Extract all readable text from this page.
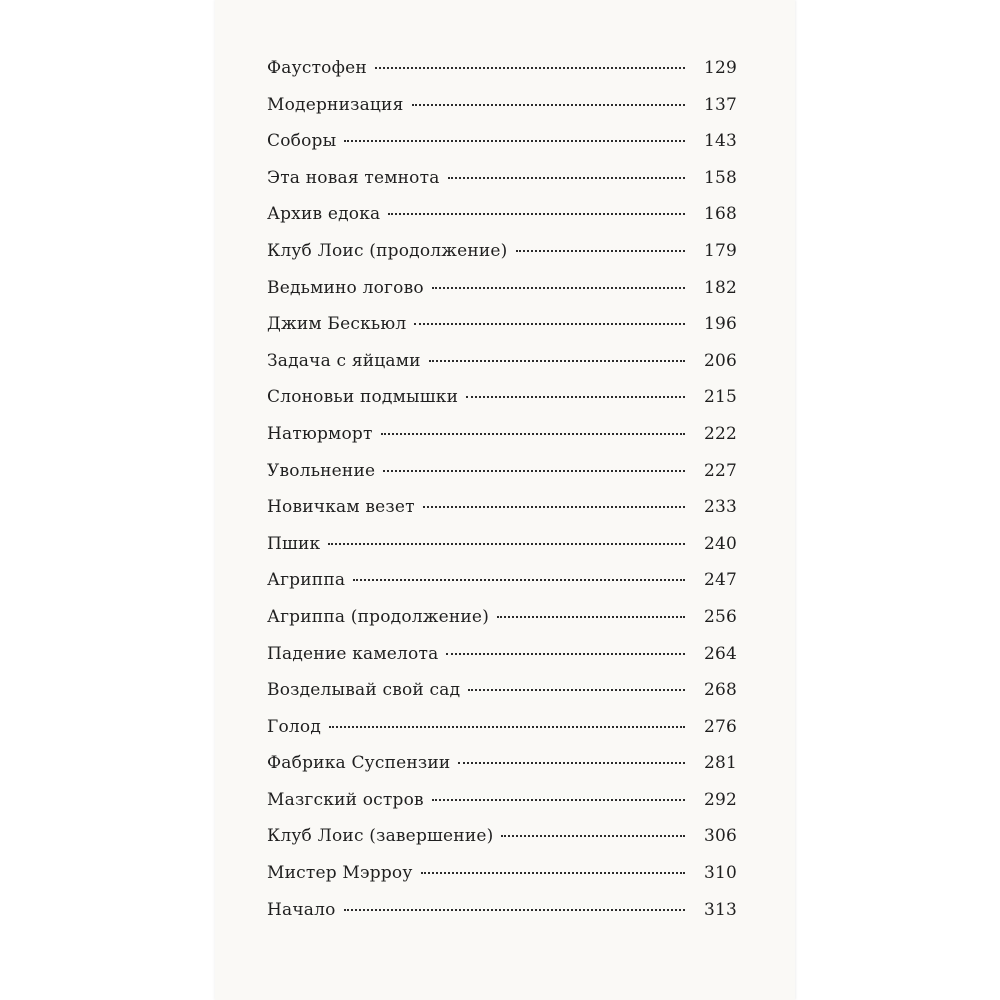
Фаустофен	129
Модернизация	137
Соборы	143
Эта новая темнота	158
Архив едока	168
Клуб Лоис (продолжение)	179
Ведьмино логово	182
Джим Бескьюл	196
Задача с яйцами	206
Слоновьи подмышки	215
Натюрморт	222
Увольнение	227
Новичкам везет	233
Пшик	240
Агриппа	247
Агриппа (продолжение)	256
Падение камелота	264
Возделывай свой сад	268
Голод	276
Фабрика Суспензии	281
Мазгский остров	292
Клуб Лоис (завершение)	306
Мистер Мэрроу	310
Начало	313
